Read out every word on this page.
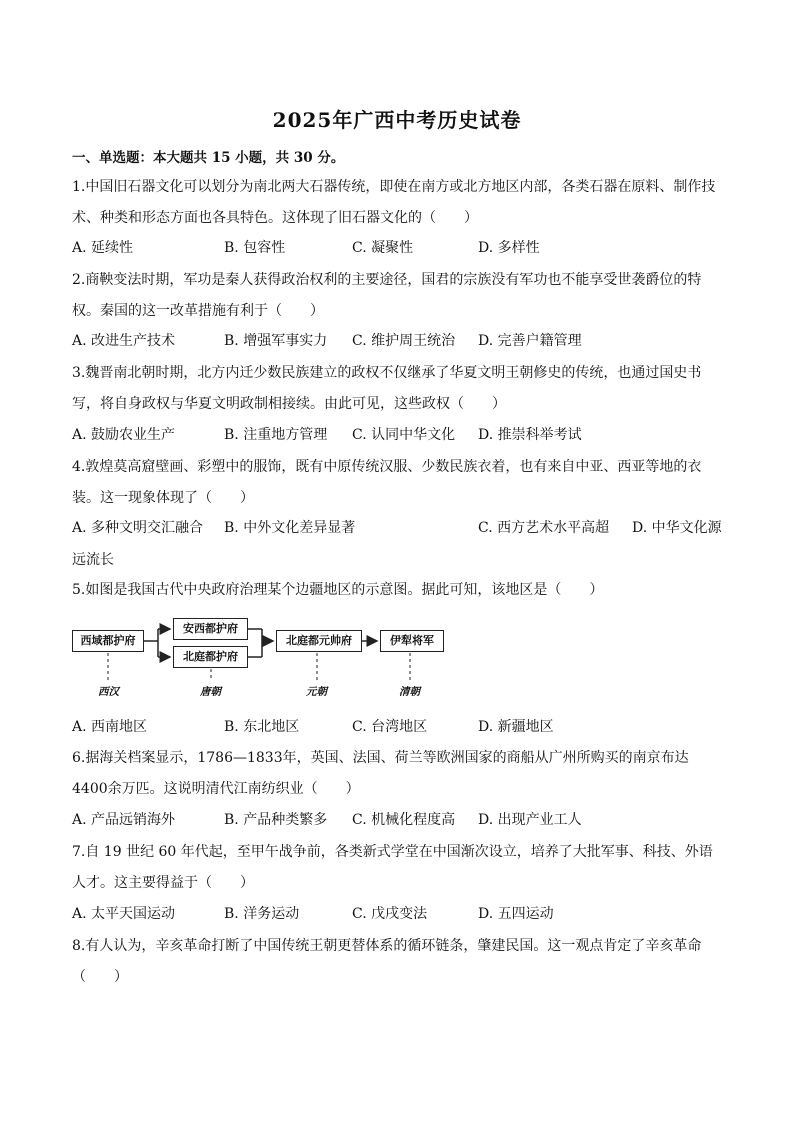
2025年广西中考历史试卷
一、单选题：本大题共 15 小题，共 30 分。

1.中国旧石器文化可以划分为南北两大石器传统，即使在南方或北方地区内部，各类石器在原料、制作技术、种类和形态方面也各具特色。这体现了旧石器文化的（　　）

A. 延续性	B. 包容性	C. 凝聚性	D. 多样性

2.商鞅变法时期，军功是秦人获得政治权利的主要途径，国君的宗族没有军功也不能享受世袭爵位的特权。秦国的这一改革措施有利于（　　）

A. 改进生产技术	B. 增强军事实力 C. 维护周王统治 D. 完善户籍管理

3.魏晋南北朝时期，北方内迁少数民族建立的政权不仅继承了华夏文明王朝修史的传统，也通过国史书写，将自身政权与华夏文明政制相接续。由此可见，这些政权（　　）

A. 鼓励农业生产	B. 注重地方管理 C. 认同中华文化 D. 推崇科举考试

4.敦煌莫高窟壁画、彩塑中的服饰，既有中原传统汉服、少数民族衣着，也有来自中亚、西亚等地的衣装。这一现象体现了（　　）

A. 多种文明交汇融合 B. 中外文化差异显著	C. 西方艺术水平高超 D. 中华文化源
远流长

5.如图是我国古代中央政府治理某个边疆地区的示意图。据此可知，该地区是（　　）

西域都护府
安西都护府
北庭都护府
北庭都元帅府	伊犁将军
西汉	唐朝	元朝	清朝
A. 西南地区	B. 东北地区	C. 台湾地区	D. 新疆地区

6.据海关档案显示，1786—1833年，英国、法国、荷兰等欧洲国家的商船从广州所购买的南京布达 4400余万匹。这说明清代江南纺织业（　　）

A. 产品远销海外	B. 产品种类繁多 C. 机械化程度高 D. 出现产业工人

7.自 19 世纪 60 年代起，至甲午战争前，各类新式学堂在中国渐次设立，培养了大批军事、科技、外语人才。这主要得益于（　　）

A. 太平天国运动	B. 洋务运动	C. 戊戌变法	D. 五四运动

8.有人认为，辛亥革命打断了中国传统王朝更替体系的循环链条，肇建民国。这一观点肯定了辛亥革命（　　）
